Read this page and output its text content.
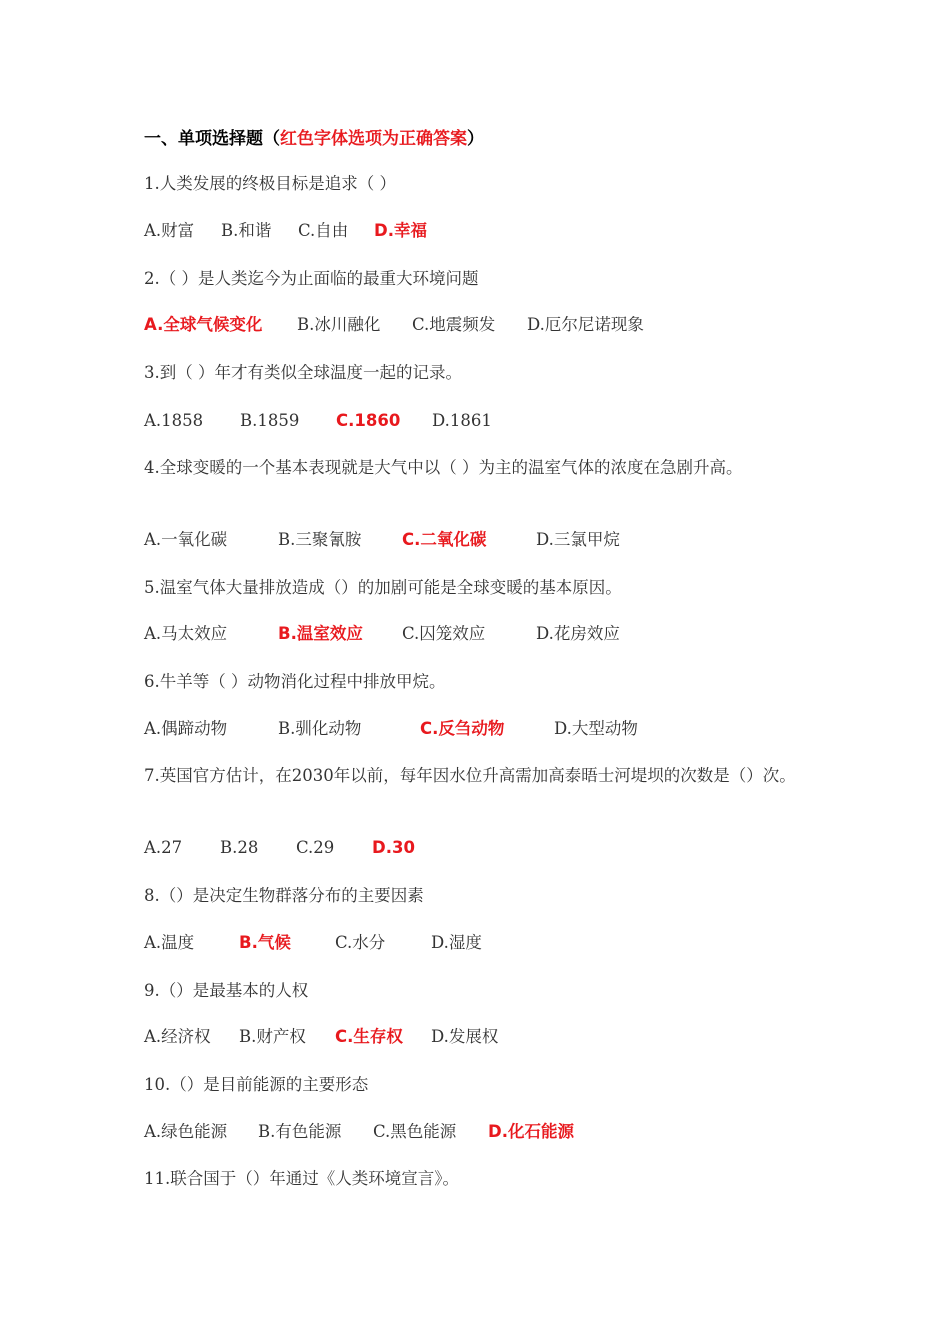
一、单项选择题（红色字体选项为正确答案）
1.人类发展的终极目标是追求（ ）
A.财富 B.和谐 C.自由 D.幸福
2.（ ）是人类迄今为止面临的最重大环境问题
A.全球气候变化 B.冰川融化 C.地震频发 D.厄尔尼诺现象
3.到（ ）年才有类似全球温度一起的记录。
A.1858 B.1859 C.1860 D.1861
4.全球变暖的一个基本表现就是大气中以（ ）为主的温室气体的浓度在急剧升高。
A.一氧化碳	B.三聚氰胺 C.二氧化碳	D.三氯甲烷
5.温室气体大量排放造成（）的加剧可能是全球变暖的基本原因。
A.马太效应	B.温室效应 C.囚笼效应	D.花房效应
6.牛羊等（ ）动物消化过程中排放甲烷。
A.偶蹄动物	B.驯化动物	C.反刍动物	D.大型动物
7.英国官方估计，在2030年以前，每年因水位升高需加高泰晤士河堤坝的次数是（）次。
A.27 B.28 C.29 D.30
8.（）是决定生物群落分布的主要因素
A.温度	B.气候	C.水分	D.湿度
9.（）是最基本的人权
A.经济权 B.财产权 C.生存权 D.发展权
10.（）是目前能源的主要形态
A.绿色能源 B.有色能源 C.黑色能源 D.化石能源
11.联合国于（）年通过《人类环境宣言》。
